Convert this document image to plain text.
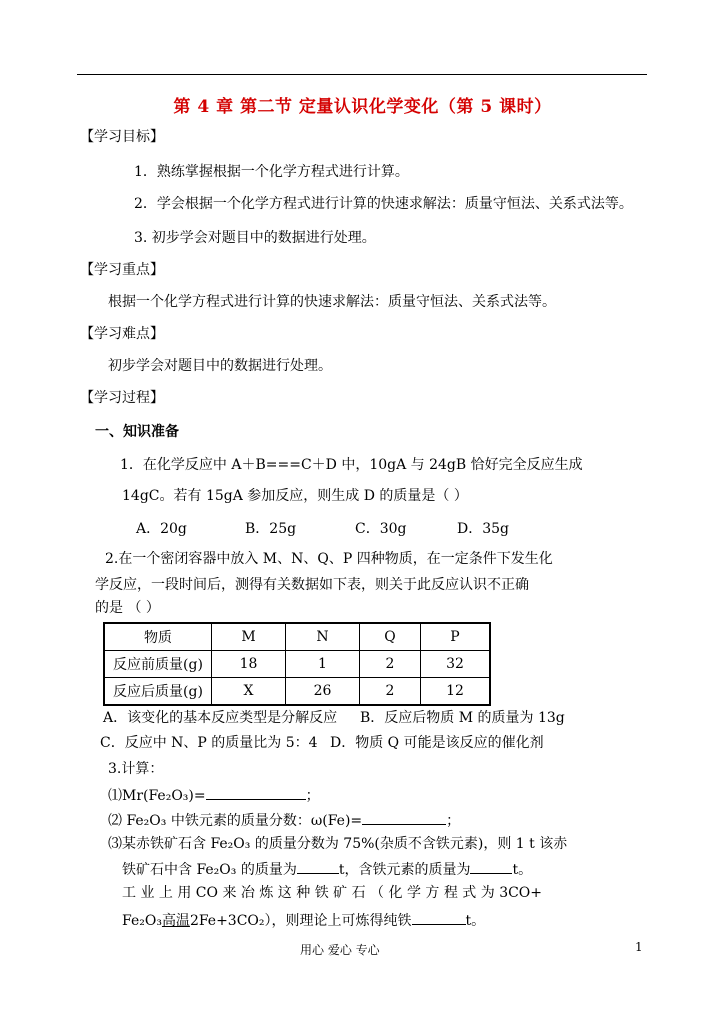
第 4 章 第二节 定量认识化学变化（第 5 课时）
【学习目标】
1．熟练掌握根据一个化学方程式进行计算。
2．学会根据一个化学方程式进行计算的快速求解法：质量守恒法、关系式法等。
3. 初步学会对题目中的数据进行处理。
【学习重点】
根据一个化学方程式进行计算的快速求解法：质量守恒法、关系式法等。
【学习难点】
初步学会对题目中的数据进行处理。
【学习过程】
一、知识准备
1．在化学反应中 A＋B===C＋D 中，10gA 与 24gB 恰好完全反应生成
14gC。若有 15gA 参加反应，则生成 D 的质量是（ ）
A．20g	B．25g	C．30g	D．35g
2.在一个密闭容器中放入 M、N、Q、P 四种物质，在一定条件下发生化
学反应，一段时间后，测得有关数据如下表，则关于此反应认识不正确
的是 （ ）
物质	M	N	Q	P
反应前质量(g)	18	1	2	32
反应后质量(g)	X	26	2	12
A．该变化的基本反应类型是分解反应 B．反应后物质 M 的质量为 13g
C．反应中 N、P 的质量比为 5：4 D．物质 Q 可能是该反应的催化剂
3.计算：
⑴Mr(Fe₂O₃)=	；
⑵ Fe₂O₃ 中铁元素的质量分数：ω(Fe)=	；
⑶某赤铁矿石含 Fe₂O₃ 的质量分数为 75%(杂质不含铁元素)，则 1 t 该赤
铁矿石中含 Fe₂O₃ 的质量为	t，含铁元素的质量为	t。
工 业 上 用 CO 来 冶 炼 这 种 铁 矿 石 （ 化 学 方 程 式 为 3CO+
Fe₂O₃高温2Fe+3CO₂），则理论上可炼得纯铁	t。
用心 爱心 专心	1
